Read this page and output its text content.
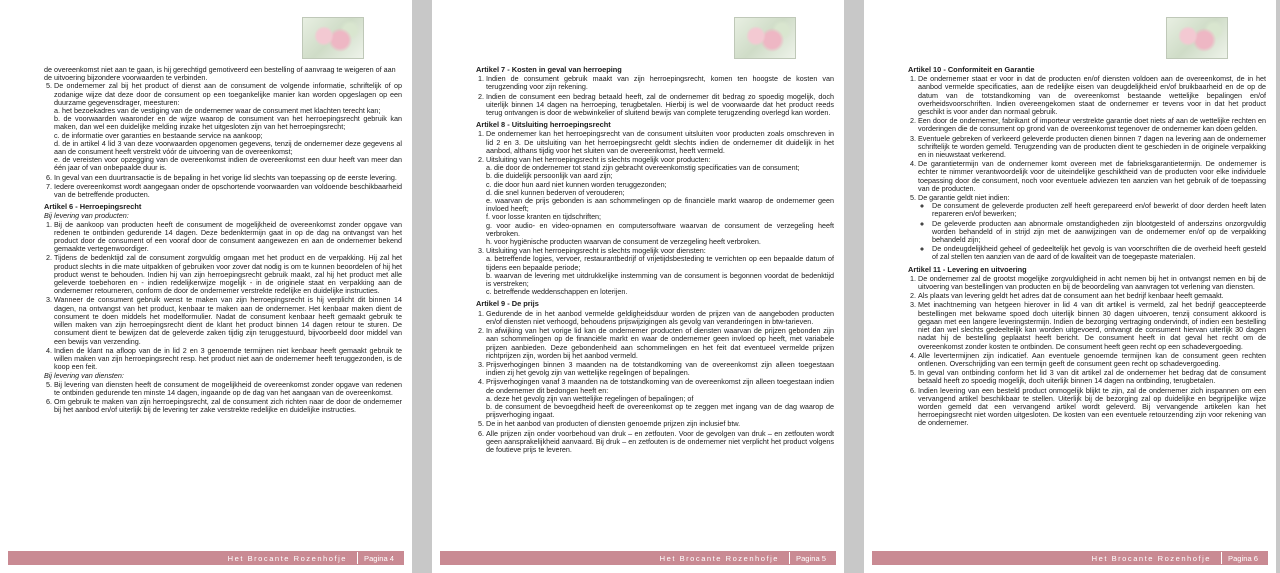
de overeenkomst niet aan te gaan, is hij gerechtigd gemotiveerd een bestelling of aanvraag te weigeren of aan de uitvoering bijzondere voorwaarden te verbinden.

5. De ondernemer zal bij het product of dienst aan de consument de volgende informatie, schriftelijk of op zodanige wijze dat deze door de consument op een toegankelijke manier kan worden opgeslagen op een duurzame gegevensdrager, meesturen:
a. het bezoekadres van de vestiging van de ondernemer waar de consument met klachten terecht kan;
b. de voorwaarden waaronder en de wijze waarop de consument van het herroepingsrecht gebruik kan maken, dan wel een duidelijke melding inzake het uitgesloten zijn van het herroepingsrecht;
c. de informatie over garanties en bestaande service na aankoop;
d. de in artikel 4 lid 3 van deze voorwaarden opgenomen gegevens, tenzij de ondernemer deze gegevens al aan de consument heeft verstrekt vóór de uitvoering van de overeenkomst;
e. de vereisten voor opzegging van de overeenkomst indien de overeenkomst een duur heeft van meer dan één jaar of van onbepaalde duur is.
6. In geval van een duurtransactie is de bepaling in het vorige lid slechts van toepassing op de eerste levering.
7. Iedere overeenkomst wordt aangegaan onder de opschortende voorwaarden van voldoende beschikbaarheid van de betreffende producten.
Artikel 6 - Herroepingsrecht

Bij levering van producten:

1. Bij de aankoop van producten heeft de consument de mogelijkheid de overeenkomst zonder opgave van redenen te ontbinden gedurende 14 dagen. Deze bedenktermijn gaat in op de dag na ontvangst van het product door de consument of een vooraf door de consument aangewezen en aan de ondernemer bekend gemaakte vertegenwoordiger.
2. Tijdens de bedenktijd zal de consument zorgvuldig omgaan met het product en de verpakking. Hij zal het product slechts in die mate uitpakken of gebruiken voor zover dat nodig is om te kunnen beoordelen of hij het product wenst te behouden. Indien hij van zijn herroepingsrecht gebruik maakt, zal hij het product met alle geleverde toebehoren en - indien redelijkerwijze mogelijk - in de originele staat en verpakking aan de ondernemer retourneren, conform de door de ondernemer verstrekte redelijke en duidelijke instructies.
3. Wanneer de consument gebruik wenst te maken van zijn herroepingsrecht is hij verplicht dit binnen 14 dagen, na ontvangst van het product, kenbaar te maken aan de ondernemer. Het kenbaar maken dient de consument te doen middels het modelformulier. Nadat de consument kenbaar heeft gemaakt gebruik te willen maken van zijn herroepingsrecht dient de klant het product binnen 14 dagen retour te sturen. De consument dient te bewijzen dat de geleverde zaken tijdig zijn teruggestuurd, bijvoorbeeld door middel van een bewijs van verzending.
4. Indien de klant na afloop van de in lid 2 en 3 genoemde termijnen niet kenbaar heeft gemaakt gebruik te willen maken van zijn herroepingsrecht resp. het product niet aan de ondernemer heeft teruggezonden, is de koop een feit.

Bij levering van diensten:

5. Bij levering van diensten heeft de consument de mogelijkheid de overeenkomst zonder opgave van redenen te ontbinden gedurende ten minste 14 dagen, ingaande op de dag van het aangaan van de overeenkomst.
6. Om gebruik te maken van zijn herroepingsrecht, zal de consument zich richten naar de door de ondernemer bij het aanbod en/of uiterlijk bij de levering ter zake verstrekte redelijke en duidelijke instructies.
Het Brocante Rozenhofje	Pagina 4
Artikel 7 - Kosten in geval van herroeping
1. Indien de consument gebruik maakt van zijn herroepingsrecht, komen ten hoogste de kosten van terugzending voor zijn rekening.
2. Indien de consument een bedrag betaald heeft, zal de ondernemer dit bedrag zo spoedig mogelijk, doch uiterlijk binnen 14 dagen na herroeping, terugbetalen. Hierbij is wel de voorwaarde dat het product reeds terug ontvangen is door de webwinkelier of sluitend bewijs van complete terugzending overlegd kan worden.
Artikel 8 - Uitsluiting herroepingsrecht
1. De ondernemer kan het herroepingsrecht van de consument uitsluiten voor producten zoals omschreven in lid 2 en 3. De uitsluiting van het herroepingsrecht geldt slechts indien de ondernemer dit duidelijk in het aanbod, althans tijdig voor het sluiten van de overeenkomst, heeft vermeld.
2. Uitsluiting van het herroepingsrecht is slechts mogelijk voor producten:
a. die door de ondernemer tot stand zijn gebracht overeenkomstig specificaties van de consument;
b. die duidelijk persoonlijk van aard zijn;
c. die door hun aard niet kunnen worden teruggezonden;
d. die snel kunnen bederven of verouderen;
e. waarvan de prijs gebonden is aan schommelingen op de financiële markt waarop de ondernemer geen invloed heeft;
f. voor losse kranten en tijdschriften;
g. voor audio- en video-opnamen en computersoftware waarvan de consument de verzegeling heeft verbroken.
h. voor hygiënische producten waarvan de consument de verzegeling heeft verbroken.
3. Uitsluiting van het herroepingsrecht is slechts mogelijk voor diensten:
a. betreffende logies, vervoer, restaurantbedrijf of vrijetijdsbesteding te verrichten op een bepaalde datum of tijdens een bepaalde periode;
b. waarvan de levering met uitdrukkelijke instemming van de consument is begonnen voordat de bedenktijd is verstreken;
c. betreffende weddenschappen en loterijen.
Artikel 9 - De prijs
1. Gedurende de in het aanbod vermelde geldigheidsduur worden de prijzen van de aangeboden producten en/of diensten niet verhoogd, behoudens prijswijzigingen als gevolg van veranderingen in btw-tarieven.
2. In afwijking van het vorige lid kan de ondernemer producten of diensten waarvan de prijzen gebonden zijn aan schommelingen op de financiële markt en waar de ondernemer geen invloed op heeft, met variabele prijzen aanbieden. Deze gebondenheid aan schommelingen en het feit dat eventueel vermelde prijzen richtprijzen zijn, worden bij het aanbod vermeld.
3. Prijsverhogingen binnen 3 maanden na de totstandkoming van de overeenkomst zijn alleen toegestaan indien zij het gevolg zijn van wettelijke regelingen of bepalingen.
4. Prijsverhogingen vanaf 3 maanden na de totstandkoming van de overeenkomst zijn alleen toegestaan indien de ondernemer dit bedongen heeft en:
a. deze het gevolg zijn van wettelijke regelingen of bepalingen; of
b. de consument de bevoegdheid heeft de overeenkomst op te zeggen met ingang van de dag waarop de prijsverhoging ingaat.
5. De in het aanbod van producten of diensten genoemde prijzen zijn inclusief btw.
6. Alle prijzen zijn onder voorbehoud van druk – en zetfouten. Voor de gevolgen van druk – en zetfouten wordt geen aansprakelijkheid aanvaard. Bij druk – en zetfouten is de ondernemer niet verplicht het product volgens de foutieve prijs te leveren.
Het Brocante Rozenhofje	Pagina 5
Artikel 10 - Conformiteit en Garantie
1. De ondernemer staat er voor in dat de producten en/of diensten voldoen aan de overeenkomst, de in het aanbod vermelde specificaties, aan de redelijke eisen van deugdelijkheid en/of bruikbaarheid en de op de datum van de totstandkoming van de overeenkomst bestaande wettelijke bepalingen en/of overheidsvoorschriften. Indien overeengekomen staat de ondernemer er tevens voor in dat het product geschikt is voor ander dan normaal gebruik.
2. Een door de ondernemer, fabrikant of importeur verstrekte garantie doet niets af aan de wettelijke rechten en vorderingen die de consument op grond van de overeenkomst tegenover de ondernemer kan doen gelden.
3. Eventuele gebreken of verkeerd geleverde producten dienen binnen 7 dagen na levering aan de ondernemer schriftelijk te worden gemeld. Terugzending van de producten dient te geschieden in de originele verpakking en in nieuwstaat verkerend.
4. De garantietermijn van de ondernemer komt overeen met de fabrieksgarantietermijn. De ondernemer is echter te nimmer verantwoordelijk voor de uiteindelijke geschiktheid van de producten voor elke individuele toepassing door de consument, noch voor eventuele adviezen ten aanzien van het gebruik of de toepassing van de producten.
5. De garantie geldt niet indien:
◦ De consument de geleverde producten zelf heeft gerepareerd en/of bewerkt of door derden heeft laten repareren en/of bewerken;
◦ De geleverde producten aan abnormale omstandigheden zijn blootgesteld of anderszins onzorgvuldig worden behandeld of in strijd zijn met de aanwijzingen van de ondernemer en/of op de verpakking behandeld zijn;
◦ De ondeugdelijkheid geheel of gedeeltelijk het gevolg is van voorschriften die de overheid heeft gesteld of zal stellen ten aanzien van de aard of de kwaliteit van de toegepaste materialen.
Artikel 11 - Levering en uitvoering
1. De ondernemer zal de grootst mogelijke zorgvuldigheid in acht nemen bij het in ontvangst nemen en bij de uitvoering van bestellingen van producten en bij de beoordeling van aanvragen tot verlening van diensten.
2. Als plaats van levering geldt het adres dat de consument aan het bedrijf kenbaar heeft gemaakt.
3. Met inachtneming van hetgeen hierover in lid 4 van dit artikel is vermeld, zal het bedrijf geaccepteerde bestellingen met bekwame spoed doch uiterlijk binnen 30 dagen uitvoeren, tenzij consument akkoord is gegaan met een langere leveringstermijn. Indien de bezorging vertraging ondervindt, of indien een bestelling niet dan wel slechts gedeeltelijk kan worden uitgevoerd, ontvangt de consument hiervan uiterlijk 30 dagen nadat hij de bestelling geplaatst heeft bericht. De consument heeft in dat geval het recht om de overeenkomst zonder kosten te ontbinden. De consument heeft geen recht op een schadevergoeding.
4. Alle levertermijnen zijn indicatief. Aan eventuele genoemde termijnen kan de consument geen rechten ontlenen. Overschrijding van een termijn geeft de consument geen recht op schadevergoeding.
5. In geval van ontbinding conform het lid 3 van dit artikel zal de ondernemer het bedrag dat de consument betaald heeft zo spoedig mogelijk, doch uiterlijk binnen 14 dagen na ontbinding, terugbetalen.
6. Indien levering van een besteld product onmogelijk blijkt te zijn, zal de ondernemer zich inspannen om een vervangend artikel beschikbaar te stellen. Uiterlijk bij de bezorging zal op duidelijke en begrijpelijke wijze worden gemeld dat een vervangend artikel wordt geleverd. Bij vervangende artikelen kan het herroepingsrecht niet worden uitgesloten. De kosten van een eventuele retourzending zijn voor rekening van de ondernemer.
Het Brocante Rozenhofje	Pagina 6
